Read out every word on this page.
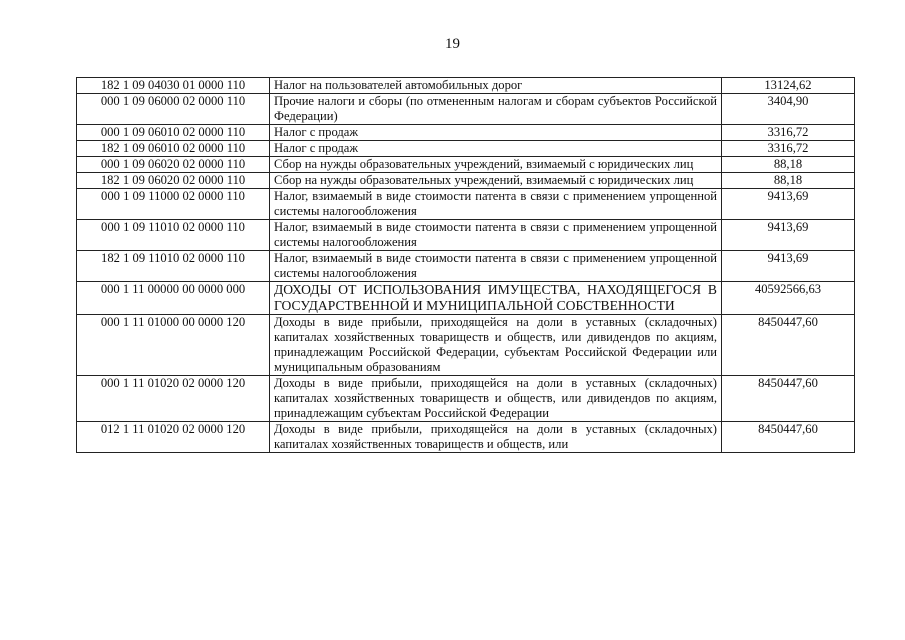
19
182 1 09 04030 01 0000 110	Налог на пользователей автомобильных дорог	13124,62
000 1 09 06000 02 0000 110	Прочие налоги и сборы (по отмененным налогам и сборам субъектов Российской Федерации)	3404,90
000 1 09 06010 02 0000 110	Налог с продаж	3316,72
182 1 09 06010 02 0000 110	Налог с продаж	3316,72
000 1 09 06020 02 0000 110	Сбор на нужды образовательных учреждений, взимаемый с юридических лиц	88,18
182 1 09 06020 02 0000 110	Сбор на нужды образовательных учреждений, взимаемый с юридических лиц	88,18
000 1 09 11000 02 0000 110	Налог, взимаемый в виде стоимости патента в связи с применением упрощенной системы налогообложения	9413,69
000 1 09 11010 02 0000 110	Налог, взимаемый в виде стоимости патента в связи с применением упрощенной системы налогообложения	9413,69
182 1 09 11010 02 0000 110	Налог, взимаемый в виде стоимости патента в связи с применением упрощенной системы налогообложения	9413,69
000 1 11 00000 00 0000 000	ДОХОДЫ ОТ ИСПОЛЬЗОВАНИЯ ИМУЩЕСТВА, НАХОДЯЩЕГОСЯ В ГОСУДАРСТВЕННОЙ И МУНИЦИПАЛЬНОЙ СОБСТВЕННОСТИ	40592566,63
000 1 11 01000 00 0000 120	Доходы в виде прибыли, приходящейся на доли в уставных (складочных) капиталах хозяйственных товариществ и обществ, или дивидендов по акциям, принадлежащим Российской Федерации, субъектам Российской Федерации или муниципальным образованиям	8450447,60
000 1 11 01020 02 0000 120	Доходы в виде прибыли, приходящейся на доли в уставных (складочных) капиталах хозяйственных товариществ и обществ, или дивидендов по акциям, принадлежащим субъектам Российской Федерации	8450447,60
012 1 11 01020 02 0000 120	Доходы в виде прибыли, приходящейся на доли в уставных (складочных) капиталах хозяйственных товариществ и обществ, или	8450447,60
